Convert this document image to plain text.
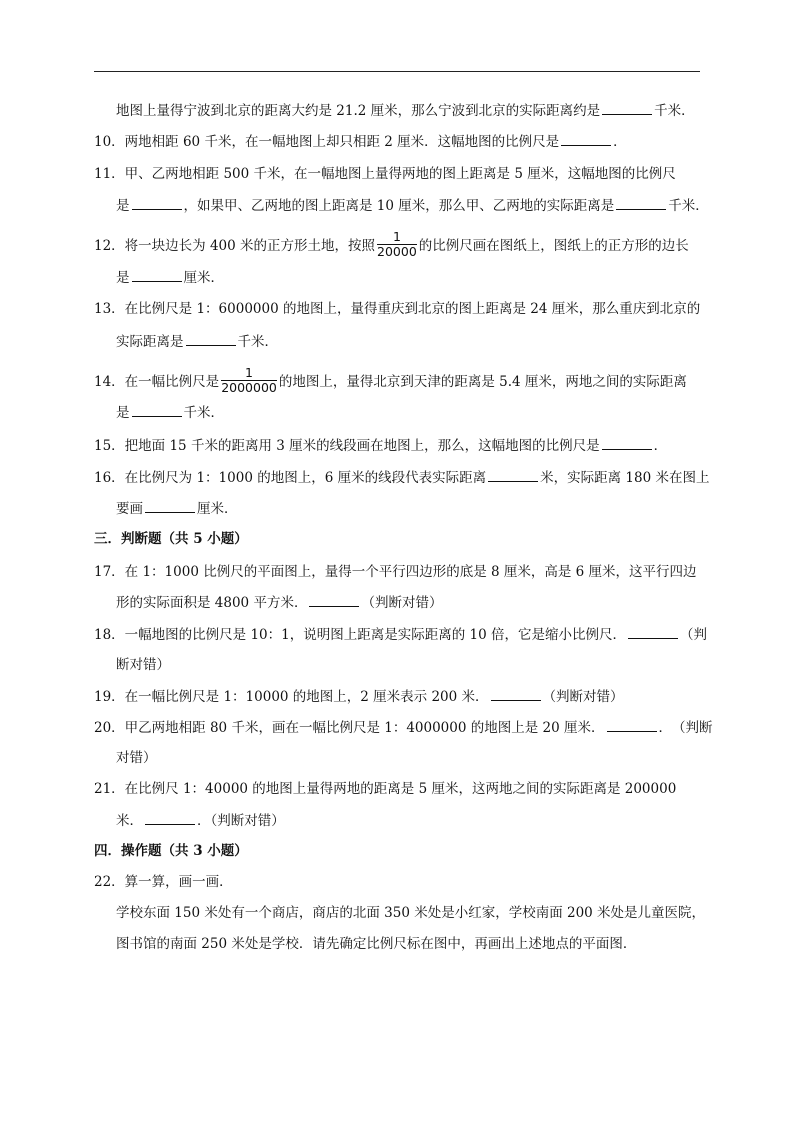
地图上量得宁波到北京的距离大约是 21.2 厘米，那么宁波到北京的实际距离约是	千米．
10．两地相距 60 千米，在一幅地图上却只相距 2 厘米．这幅地图的比例尺是	．
11．甲、乙两地相距 500 千米，在一幅地图上量得两地的图上距离是 5 厘米，这幅地图的比例尺
是	，如果甲、乙两地的图上距离是 10 厘米，那么甲、乙两地的实际距离是	千米．
12．将一块边长为 400 米的正方形土地，按照 $\frac{1}{20000}$ 的比例尺画在图纸上，图纸上的正方形的边长
是	厘米．
13．在比例尺是 1：6000000 的地图上，量得重庆到北京的图上距离是 24 厘米，那么重庆到北京的
实际距离是	千米．
14．在一幅比例尺是 $\frac{1}{2000000}$ 的地图上，量得北京到天津的距离是 5.4 厘米，两地之间的实际距离
是	千米．
15．把地面 15 千米的距离用 3 厘米的线段画在地图上，那么，这幅地图的比例尺是	．
16．在比例尺为 1：1000 的地图上，6 厘米的线段代表实际距离	米，实际距离 180 米在图上
要画	厘米．
三．判断题（共 5 小题）
17．在 1：1000 比例尺的平面图上，量得一个平行四边形的底是 8 厘米，高是 6 厘米，这平行四边
形的实际面积是 4800 平方米．	（判断对错）
18．一幅地图的比例尺是 10：1，说明图上距离是实际距离的 10 倍，它是缩小比例尺．	（判
断对错）
19．在一幅比例尺是 1：10000 的地图上，2 厘米表示 200 米．	（判断对错）
20．甲乙两地相距 80 千米，画在一幅比例尺是 1：4000000 的地图上是 20 厘米．	．　（判断
对错）
21．在比例尺 1：40000 的地图上量得两地的距离是 5 厘米，这两地之间的实际距离是 200000
米．	．（判断对错）
四．操作题（共 3 小题）
22．算一算，画一画．
学校东面 150 米处有一个商店，商店的北面 350 米处是小红家，学校南面 200 米处是儿童医院，
图书馆的南面 250 米处是学校．请先确定比例尺标在图中，再画出上述地点的平面图．
